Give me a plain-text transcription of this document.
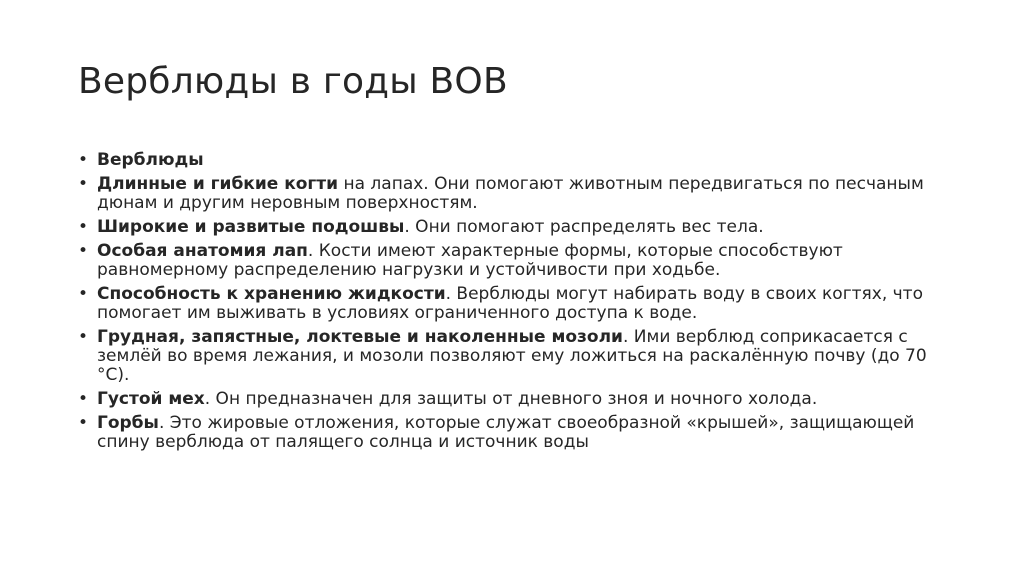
Верблюды в годы ВОВ
• Верблюды
• Длинные и гибкие когти на лапах. Они помогают животным передвигаться по песчаным дюнам и другим неровным поверхностям.
• Широкие и развитые подошвы. Они помогают распределять вес тела.
• Особая анатомия лап. Кости имеют характерные формы, которые способствуют равномерному распределению нагрузки и устойчивости при ходьбе.
• Способность к хранению жидкости. Верблюды могут набирать воду в своих когтях, что помогает им выживать в условиях ограниченного доступа к воде.
• Грудная, запястные, локтевые и наколенные мозоли. Ими верблюд соприкасается с землёй во время лежания, и мозоли позволяют ему ложиться на раскалённую почву (до 70 °C).
• Густой мех. Он предназначен для защиты от дневного зноя и ночного холода.
• Горбы. Это жировые отложения, которые служат своеобразной «крышей», защищающей спину верблюда от палящего солнца и источник воды
